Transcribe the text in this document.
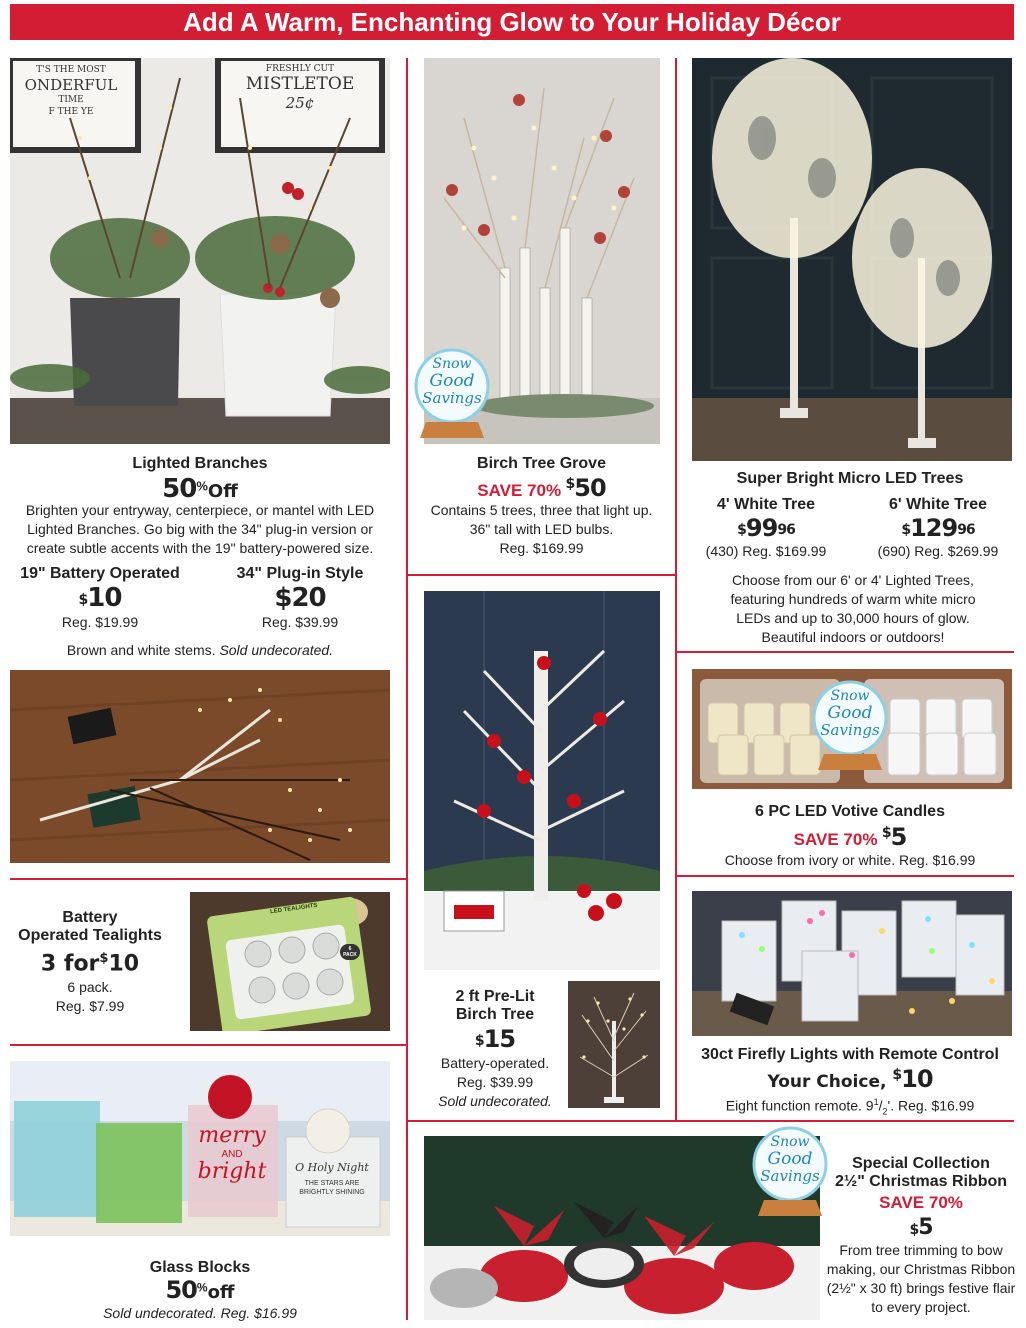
Add A Warm, Enchanting Glow to Your Holiday Décor
T'S THE MOST
ONDERFUL
TIME
F THE YE
FRESHLY CUT
MISTLETOE
25¢
Lighted Branches
50%Off
Brighten your entryway, centerpiece, or mantel with LED Lighted Branches. Go big with the 34" plug-in version or create subtle accents with the 19" battery-powered size.
19" Battery Operated
$10
Reg. $19.99
34" Plug-in Style
$20
Reg. $39.99
Brown and white stems. Sold undecorated.
Battery
Operated Tealights
3 for$10
6 pack.
Reg. $7.99
LED TEALIGHTS
6 PACK
merry
AND
bright	O Holy Night
THE STARS ARE BRIGHTLY SHINING
Glass Blocks
50%off
Sold undecorated. Reg. $16.99
Snow
Good
Savings
Birch Tree Grove
SAVE 70% $50
Contains 5 trees, three that light up.
36" tall with LED bulbs.
Reg. $169.99
2 ft Pre-Lit
Birch Tree
$15
Battery-operated.
Reg. $39.99
Sold undecorated.
Snow
Good
Savings
Super Bright Micro LED Trees
4' White Tree
$^{\$}99^{96}$
(430) Reg. $169.99
6' White Tree
$^{\$}129^{96}$
(690) Reg. $269.99
Choose from our 6' or 4' Lighted Trees, featuring hundreds of warm white micro LEDs and up to 30,000 hours of glow. Beautiful indoors or outdoors!
Snow
Good
Savings
6 PC LED Votive Candles
SAVE 70% $5
Choose from ivory or white. Reg. $16.99
30ct Firefly Lights with Remote Control
Your Choice, $10
Eight function remote. $9^1/_2'$. Reg. $16.99
Special Collection
2½" Christmas Ribbon
SAVE 70%
$5
From tree trimming to bow making, our Christmas Ribbon (2½" x 30 ft) brings festive flair to every project.
